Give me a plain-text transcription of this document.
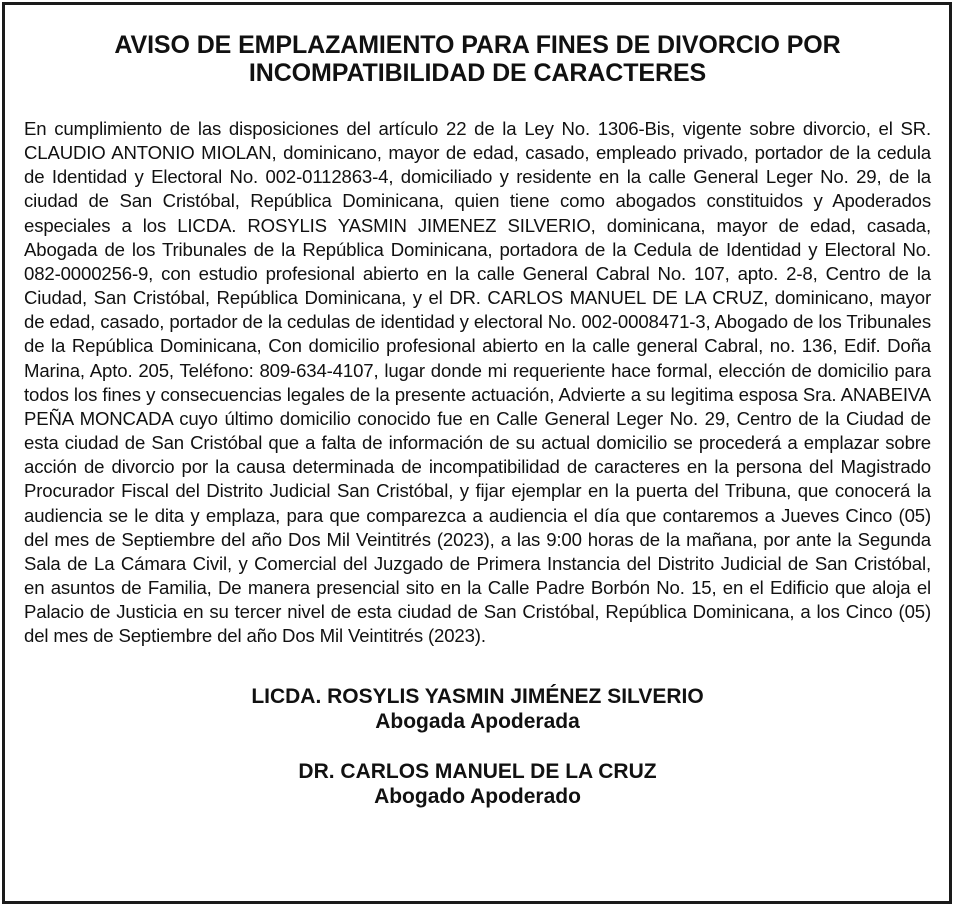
AVISO DE EMPLAZAMIENTO PARA FINES DE DIVORCIO POR
INCOMPATIBILIDAD DE CARACTERES

En cumplimiento de las disposiciones del artículo 22 de la Ley No. 1306-Bis, vigente sobre divorcio, el SR. CLAUDIO ANTONIO MIOLAN, dominicano, mayor de edad, casado, empleado privado, portador de la cedula de Identidad y Electoral No. 002-0112863-4, domiciliado y residente en la calle General Leger No. 29, de la ciudad de San Cristóbal, República Dominicana, quien tiene como abogados constituidos y Apoderados especiales a los LICDA. ROSYLIS YASMIN JIMENEZ SILVERIO, dominicana, mayor de edad, casada, Abogada de los Tribunales de la República Dominicana, portadora de la Cedula de Identidad y Electoral No. 082-0000256-9, con estudio profesional abierto en la calle General Cabral No. 107, apto. 2-8, Centro de la Ciudad, San Cristóbal, República Dominicana, y el DR. CARLOS MANUEL DE LA CRUZ, dominicano, mayor de edad, casado, portador de la cedulas de identidad y electoral No. 002-0008471-3, Abogado de los Tribunales de la República Dominicana, Con domicilio profesional abierto en la calle general Cabral, no. 136, Edif. Doña Marina, Apto. 205, Teléfono: 809-634-4107, lugar donde mi requeriente hace formal, elección de domicilio para todos los fines y consecuencias legales de la presente actuación, Advierte a su legitima esposa Sra. ANABEIVA PEÑA MONCADA cuyo último domicilio conocido fue en Calle General Leger No. 29, Centro de la Ciudad de esta ciudad de San Cristóbal que a falta de información de su actual domicilio se procederá a emplazar sobre acción de divorcio por la causa determinada de incompatibilidad de caracteres en la persona del Magistrado Procurador Fiscal del Distrito Judicial San Cristóbal, y fijar ejemplar en la puerta del Tribuna, que conocerá la audiencia se le dita y emplaza, para que comparezca a audiencia el día que contaremos a Jueves Cinco (05) del mes de Septiembre del año Dos Mil Veintitrés (2023), a las 9:00 horas de la mañana, por ante la Segunda Sala de La Cámara Civil, y Comercial del Juzgado de Primera Instancia del Distrito Judicial de San Cristóbal, en asuntos de Familia, De manera presencial sito en la Calle Padre Borbón No. 15, en el Edificio que aloja el Palacio de Justicia en su tercer nivel de esta ciudad de San Cristóbal, República Dominicana, a los Cinco (05) del mes de Septiembre del año Dos Mil Veintitrés (2023).

LICDA. ROSYLIS YASMIN JIMÉNEZ SILVERIO
Abogada Apoderada
DR. CARLOS MANUEL DE LA CRUZ
Abogado Apoderado
